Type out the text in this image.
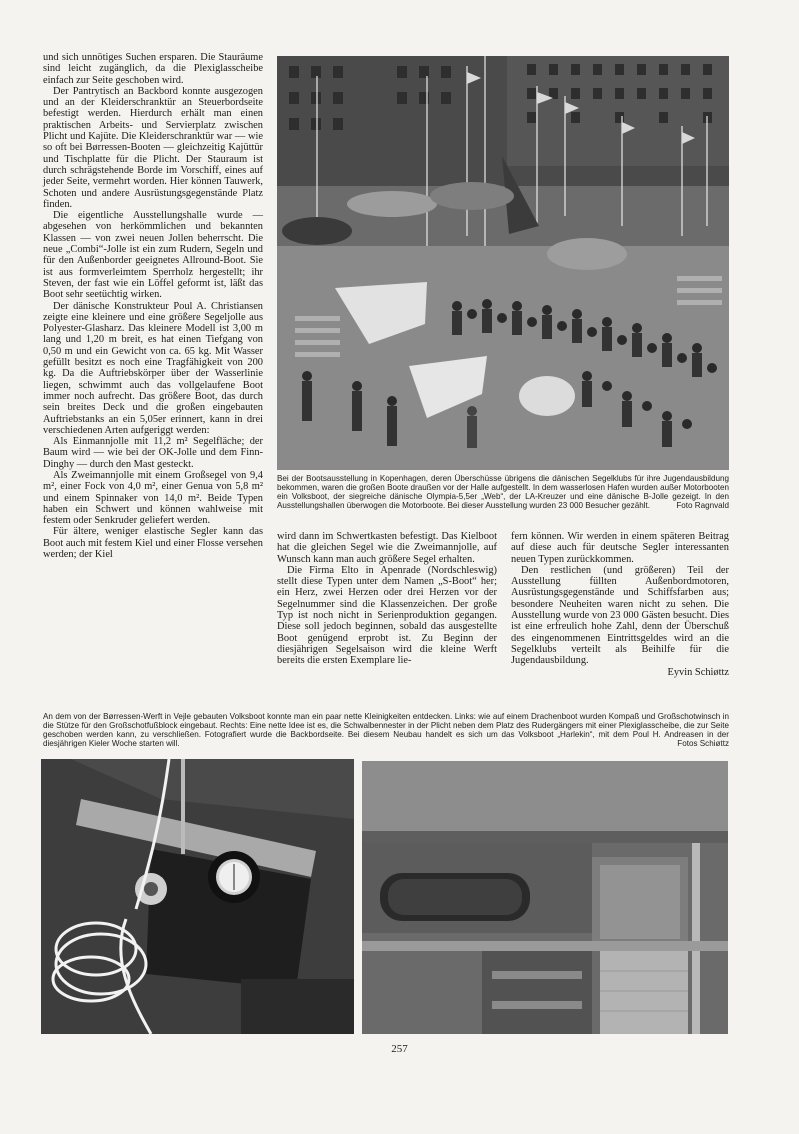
und sich unnötiges Suchen ersparen. Die Stauräume sind leicht zugänglich, da die Plexiglasscheibe einfach zur Seite geschoben wird.

Der Pantrytisch an Backbord konnte ausgezogen und an der Kleiderschranktür an Steuerbordseite befestigt werden. Hierdurch erhält man einen praktischen Arbeits- und Servierplatz zwischen Plicht und Kajüte. Die Kleiderschranktür war — wie so oft bei Børressen-Booten — gleichzeitig Kajüttür und Tischplatte für die Plicht. Der Stauraum ist durch schrägstehende Borde im Vorschiff, eines auf jeder Seite, vermehrt worden. Hier können Tauwerk, Schoten und andere Ausrüstungsgegenstände Platz finden.

Die eigentliche Ausstellungshalle wurde — abgesehen von herkömmlichen und bekannten Klassen — von zwei neuen Jollen beherrscht. Die neue „Combi“-Jolle ist ein zum Rudern, Segeln und für den Außenborder geeignetes Allround-Boot. Sie ist aus formverleimtem Sperrholz hergestellt; ihr Steven, der fast wie ein Löffel geformt ist, läßt das Boot sehr seetüchtig wirken.

Der dänische Konstrukteur Poul A. Christiansen zeigte eine kleinere und eine größere Segeljolle aus Polyester-Glasharz. Das kleinere Modell ist 3,00 m lang und 1,20 m breit, es hat einen Tiefgang von 0,50 m und ein Gewicht von ca. 65 kg. Mit Wasser gefüllt besitzt es noch eine Tragfähigkeit von 200 kg. Da die Auftriebskörper über der Wasserlinie liegen, schwimmt auch das vollgelaufene Boot immer noch aufrecht. Das größere Boot, das durch sein breites Deck und die großen eingebauten Auftriebstanks an ein 5,05er erinnert, kann in drei verschiedenen Arten aufgeriggt werden:

Als Einmannjolle mit 11,2 m² Segelfläche; der Baum wird — wie bei der OK-Jolle und dem Finn-Dinghy — durch den Mast gesteckt.

Als Zweimannjolle mit einem Großsegel von 9,4 m², einer Fock von 4,0 m², einer Genua von 5,8 m² und einem Spinnaker von 14,0 m². Beide Typen haben ein Schwert und können wahlweise mit festem oder Senkruder geliefert werden.

Für ältere, weniger elastische Segler kann das Boot auch mit festem Kiel und einer Flosse versehen werden; der Kiel

Bei der Bootsausstellung in Kopenhagen, deren Überschüsse übrigens die dänischen Segelklubs für ihre Jugendausbildung bekommen, waren die großen Boote draußen vor der Halle aufgestellt. In dem wasserlosen Hafen wurden außer Motorbooten ein Volksboot, der siegreiche dänische Olympia-5,5er „Web“, der LA-Kreuzer und eine dänische B-Jolle gezeigt. In den Ausstellungshallen überwogen die Motorboote. Bei dieser Ausstellung wurden 23 000 Besucher gezählt.	Foto Ragnvald

wird dann im Schwertkasten befestigt. Das Kielboot hat die gleichen Segel wie die Zweimannjolle, auf Wunsch kann man auch größere Segel erhalten.

Die Firma Elto in Apenrade (Nordschleswig) stellt diese Typen unter dem Namen „S-Boot“ her; ein Herz, zwei Herzen oder drei Herzen vor der Segelnummer sind die Klassenzeichen. Der große Typ ist noch nicht in Serienproduktion gegangen. Diese soll jedoch beginnen, sobald das ausgestellte Boot genügend erprobt ist. Zu Beginn der diesjährigen Segelsaison wird die kleine Werft bereits die ersten Exemplare lie-

fern können. Wir werden in einem späteren Beitrag auf diese auch für deutsche Segler interessanten neuen Typen zurückkommen.

Den restlichen (und größeren) Teil der Ausstellung füllten Außenbordmotoren, Ausrüstungsgegenstände und Schiffsfarben aus; besondere Neuheiten waren nicht zu sehen. Die Ausstellung wurde von 23 000 Gästen besucht. Dies ist eine erfreulich hohe Zahl, denn der Überschuß des eingenommenen Eintrittsgeldes wird an die Segelklubs verteilt als Beihilfe für die Jugendausbildung.

Eyvin Schiøttz

An dem von der Børressen-Werft in Vejle gebauten Volksboot konnte man ein paar nette Kleinigkeiten entdecken. Links: wie auf einem Drachenboot wurden Kompaß und Großschotwinsch in die Stütze für den Großschotfußblock eingebaut. Rechts: Eine nette Idee ist es, die Schwalbennester in der Plicht neben dem Platz des Rudergängers mit einer Plexiglasscheibe, die zur Seite geschoben werden kann, zu verschließen. Fotografiert wurde die Backbordseite. Bei diesem Neubau handelt es sich um das Volksboot „Harlekin“, mit dem Poul H. Andreasen in der diesjährigen Kieler Woche starten will.	Fotos Schiøttz
257
